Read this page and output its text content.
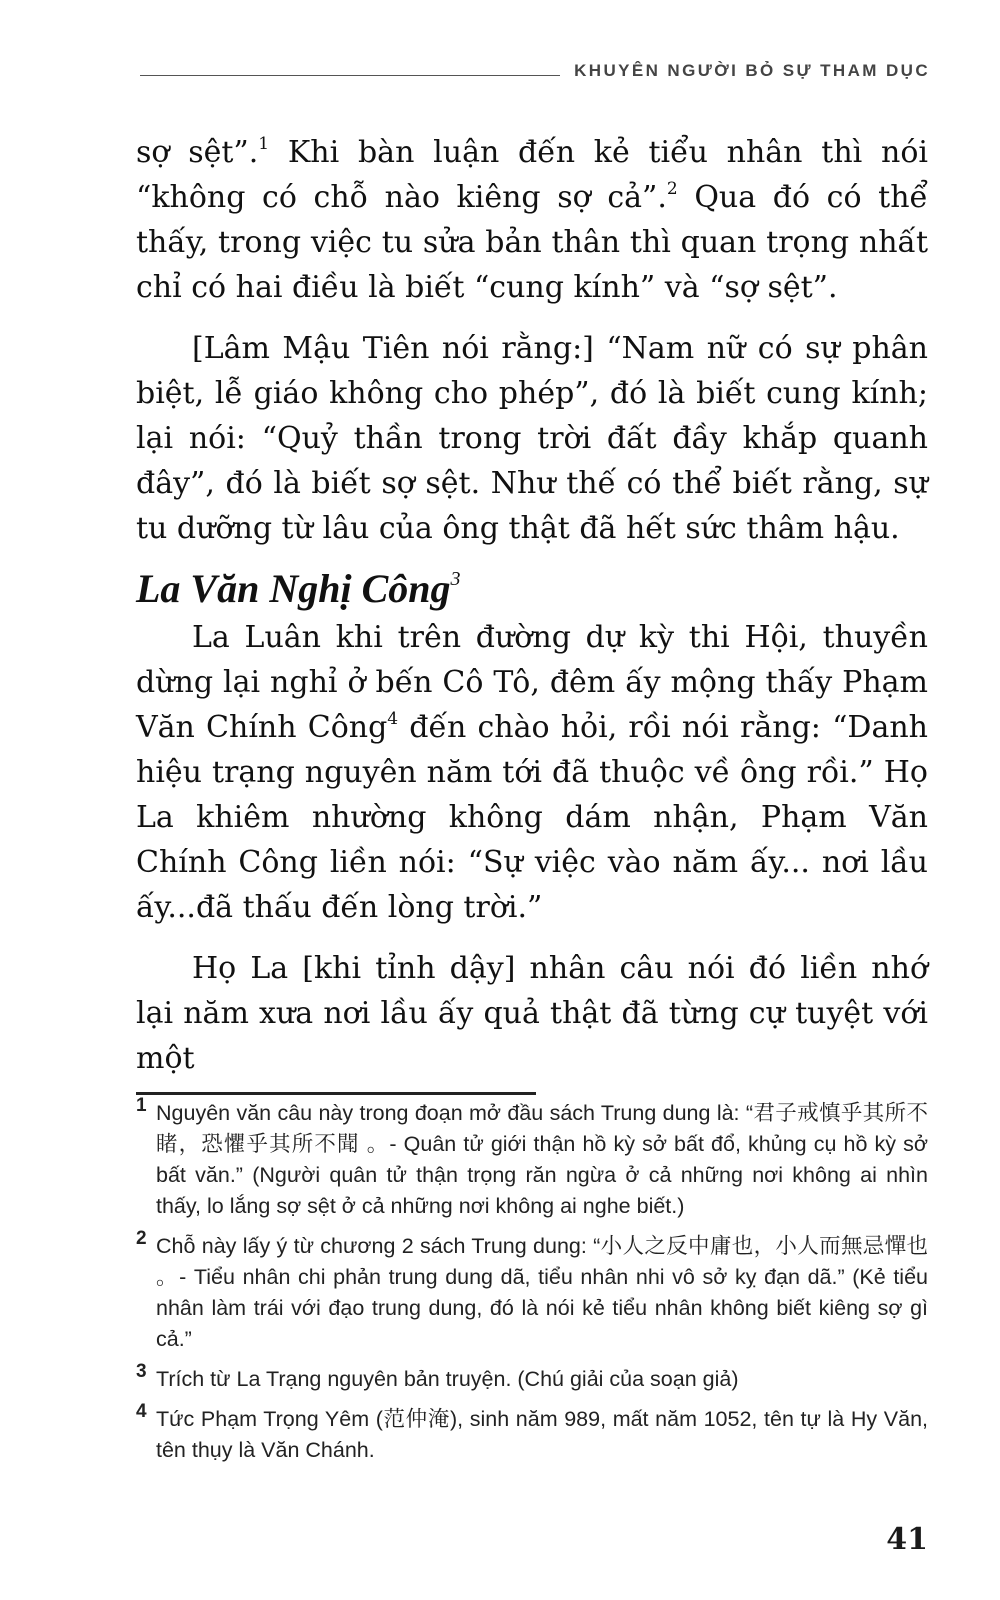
KHUYÊN NGƯỜI BỎ SỰ THAM DỤC

sợ sệt”.$^1$ Khi bàn luận đến kẻ tiểu nhân thì nói “không có chỗ nào kiêng sợ cả”.$^2$ Qua đó có thể thấy, trong việc tu sửa bản thân thì quan trọng nhất chỉ có hai điều là biết “cung kính” và “sợ sệt”.

[Lâm Mậu Tiên nói rằng:] “Nam nữ có sự phân biệt, lễ giáo không cho phép”, đó là biết cung kính; lại nói: “Quỷ thần trong trời đất đầy khắp quanh đây”, đó là biết sợ sệt. Như thế có thể biết rằng, sự tu dưỡng từ lâu của ông thật đã hết sức thâm hậu.

La Văn Nghị Công$^3$

La Luân khi trên đường dự kỳ thi Hội, thuyền dừng lại nghỉ ở bến Cô Tô, đêm ấy mộng thấy Phạm Văn Chính Công$^4$ đến chào hỏi, rồi nói rằng: “Danh hiệu trạng nguyên năm tới đã thuộc về ông rồi.” Họ La khiêm nhường không dám nhận, Phạm Văn Chính Công liền nói: “Sự việc vào năm ấy... nơi lầu ấy...đã thấu đến lòng trời.”

Họ La [khi tỉnh dậy] nhân câu nói đó liền nhớ lại năm xưa nơi lầu ấy quả thật đã từng cự tuyệt với một

1 Nguyên văn câu này trong đoạn mở đầu sách Trung dung là: “君子戒慎乎其所不睹，恐懼乎其所不聞 。- Quân tử giới thận hồ kỳ sở bất đổ, khủng cụ hồ kỳ sở bất văn.” (Người quân tử thận trọng răn ngừa ở cả những nơi không ai nhìn thấy, lo lắng sợ sệt ở cả những nơi không ai nghe biết.)
2 Chỗ này lấy ý từ chương 2 sách Trung dung: “小人之反中庸也，小人而無忌憚也 。- Tiểu nhân chi phản trung dung dã, tiểu nhân nhi vô sở kỵ đạn dã.” (Kẻ tiểu nhân làm trái với đạo trung dung, đó là nói kẻ tiểu nhân không biết kiêng sợ gì cả.”
3 Trích từ La Trạng nguyên bản truyện. (Chú giải của soạn giả)
4 Tức Phạm Trọng Yêm (范仲淹), sinh năm 989, mất năm 1052, tên tự là Hy Văn, tên thụy là Văn Chánh.
41
